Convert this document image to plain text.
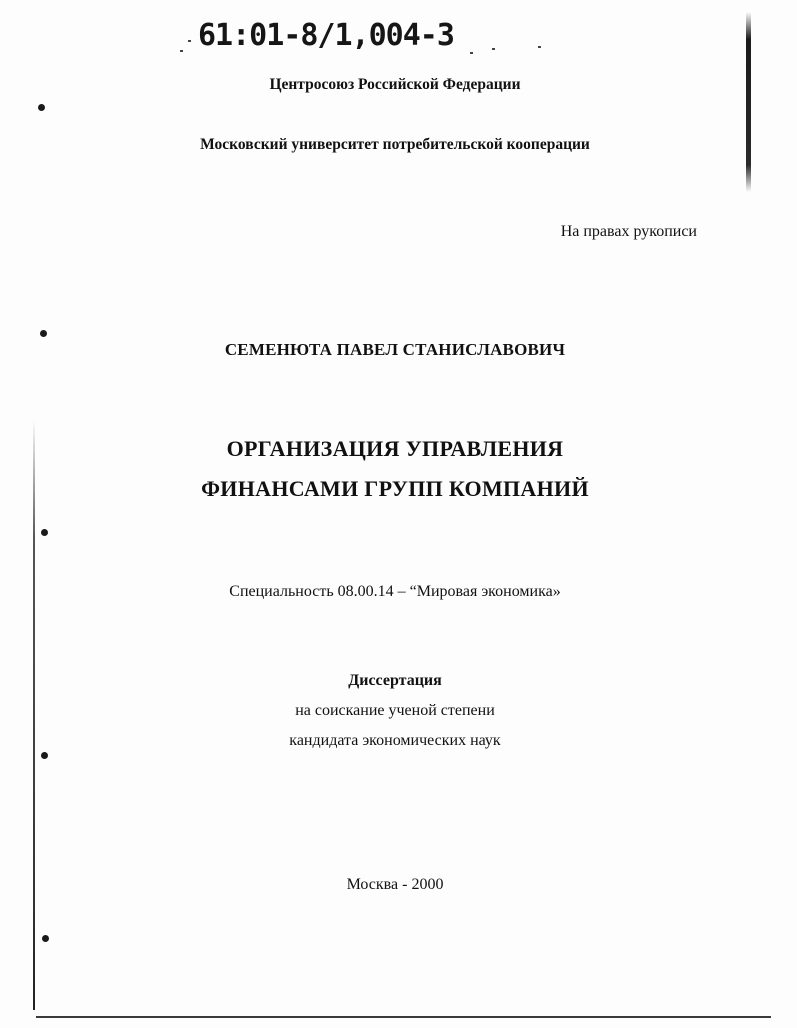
61:01-8/1,004-3
Центросоюз Российской Федерации
Московский университет потребительской кооперации
На правах рукописи
СЕМЕНЮТА ПАВЕЛ СТАНИСЛАВОВИЧ
ОРГАНИЗАЦИЯ УПРАВЛЕНИЯ
ФИНАНСАМИ ГРУПП КОМПАНИЙ
Специальность 08.00.14 – “Мировая экономика»
Диссертация
на соискание ученой степени
кандидата экономических наук
Москва - 2000
